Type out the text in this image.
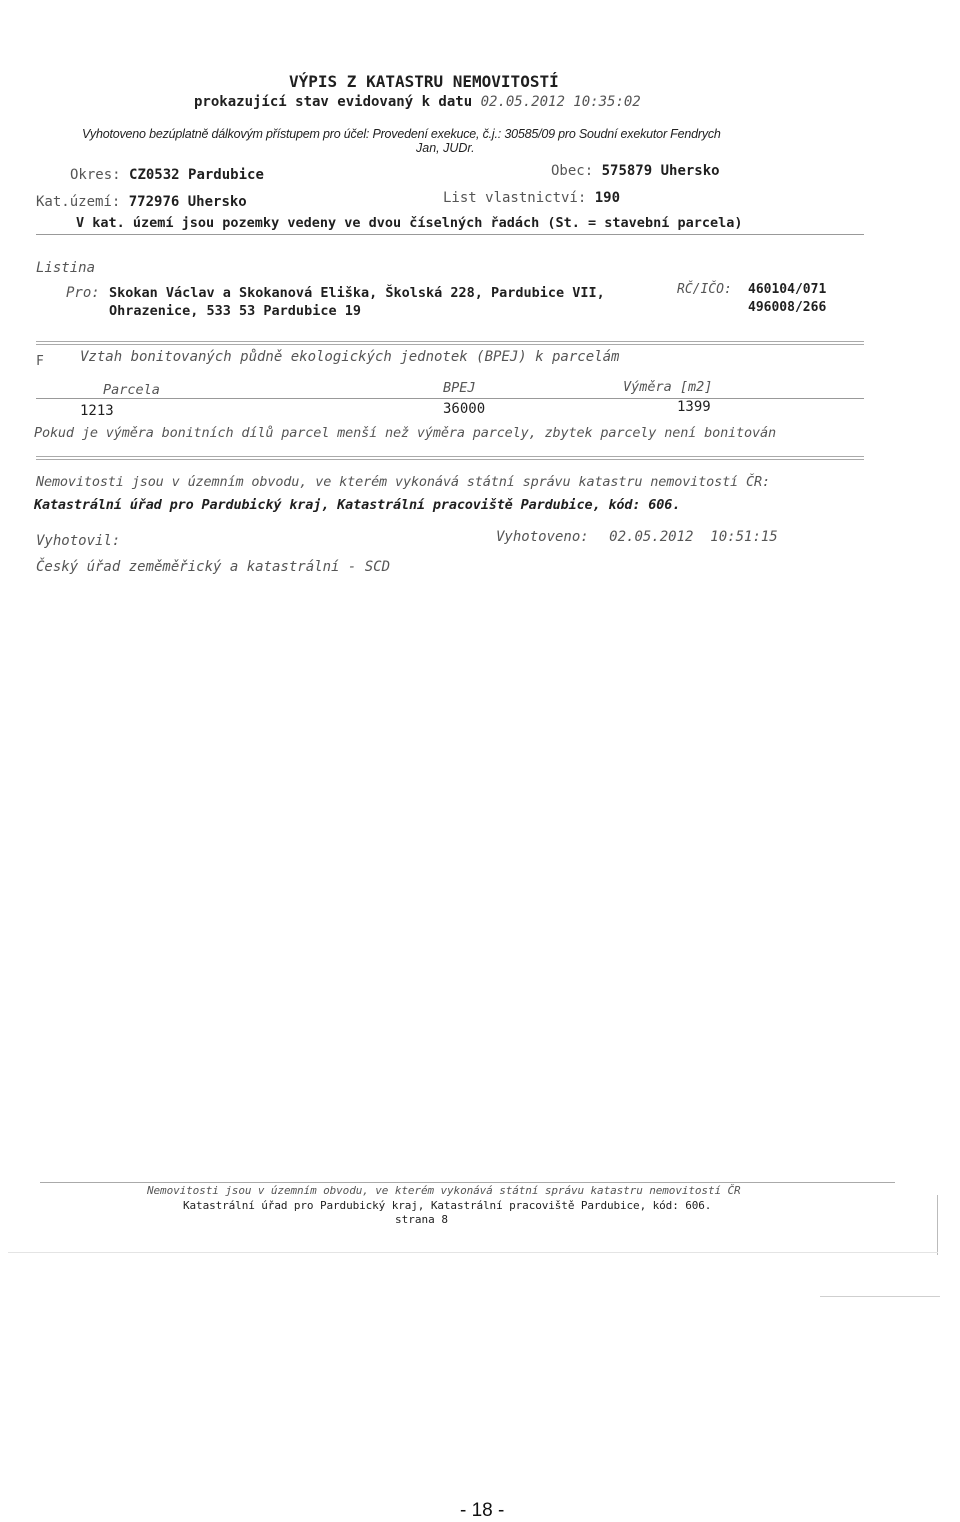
VÝPIS Z KATASTRU NEMOVITOSTÍ
prokazující stav evidovaný k datu 02.05.2012 10:35:02
Vyhotoveno bezúplatně dálkovým přístupem pro účel: Provedení exekuce, č.j.: 30585/09 pro Soudní exekutor Fendrych
Jan, JUDr.
Okres: CZ0532 Pardubice	Obec: 575879 Uhersko
Kat.území: 772976 Uhersko	List vlastnictví: 190
V kat. území jsou pozemky vedeny ve dvou číselných řadách (St. = stavební parcela)
Listina
Pro: Skokan Václav a Skokanová Eliška, Školská 228, Pardubice VII,
Ohrazenice, 533 53 Pardubice 19
RČ/IČO: 460104/071
496008/266
F	Vztah bonitovaných půdně ekologických jednotek (BPEJ) k parcelám
Parcela	BPEJ	Výměra [m2]
1213	36000	1399
Pokud je výměra bonitních dílů parcel menší než výměra parcely, zbytek parcely není bonitován
Nemovitosti jsou v územním obvodu, ve kterém vykonává státní správu katastru nemovitostí ČR:
Katastrální úřad pro Pardubický kraj, Katastrální pracoviště Pardubice, kód: 606.
Vyhotovil:	Vyhotoveno: 02.05.2012  10:51:15
Český úřad zeměměřický a katastrální - SCD
Nemovitosti jsou v územním obvodu, ve kterém vykonává státní správu katastru nemovitostí ČR
Katastrální úřad pro Pardubický kraj, Katastrální pracoviště Pardubice, kód: 606.
strana 8
- 18 -
